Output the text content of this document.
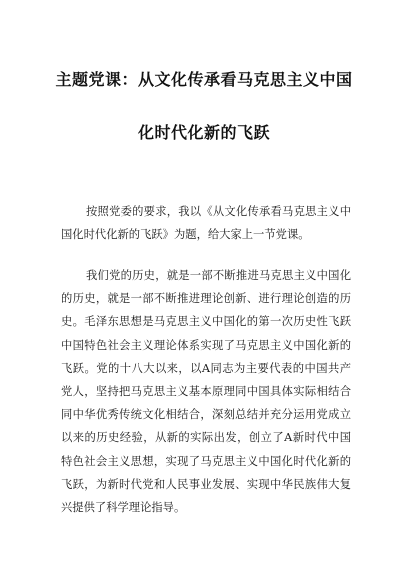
主题党课：从文化传承看马克思主义中国
化时代化新的飞跃
按照党委的要求，我以《从文化传承看马克思主义中
国化时代化新的飞跃》为题，给大家上一节党课。
我们党的历史，就是一部不断推进马克思主义中国化
的历史，就是一部不断推进理论创新、进行理论创造的历
史。毛泽东思想是马克思主义中国化的第一次历史性飞跃
中国特色社会主义理论体系实现了马克思主义中国化新的
飞跃。党的十八大以来，以A同志为主要代表的中国共产
党人，坚持把马克思主义基本原理同中国具体实际相结合
同中华优秀传统文化相结合，深刻总结并充分运用党成立
以来的历史经验，从新的实际出发，创立了A新时代中国
特色社会主义思想，实现了马克思主义中国化时代化新的
飞跃，为新时代党和人民事业发展、实现中华民族伟大复
兴提供了科学理论指导。
